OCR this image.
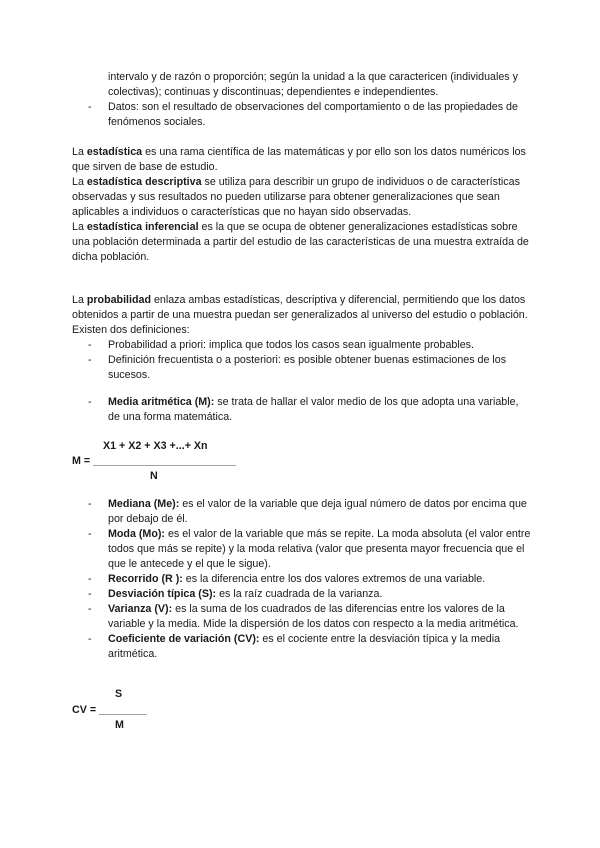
intervalo y de razón o proporción; según la unidad a la que caractericen (individuales y colectivas); continuas y discontinuas; dependientes e independientes.
- Datos: son el resultado de observaciones del comportamiento o de las propiedades de fenómenos sociales.

La estadística es una rama científica de las matemáticas y por ello son los datos numéricos los que sirven de base de estudio.

La estadística descriptiva se utiliza para describir un grupo de individuos o de características observadas y sus resultados no pueden utilizarse para obtener generalizaciones que sean aplicables a individuos o características que no hayan sido observadas.

La estadística inferencial es la que se ocupa de obtener generalizaciones estadísticas sobre una población determinada a partir del estudio de las características de una muestra extraída de dicha población.

La probabilidad enlaza ambas estadísticas, descriptiva y diferencial, permitiendo que los datos obtenidos a partir de una muestra puedan ser generalizados al universo del estudio o población. Existen dos definiciones:

- Probabilidad a priori: implica que todos los casos sean igualmente probables.
- Definición frecuentista o a posteriori: es posible obtener buenas estimaciones de los sucesos.
- Media aritmética (M): se trata de hallar el valor medio de los que adopta una variable, de una forma matemática.
X1 + X2 + X3 +...+ Xn
M = ________________________
N
- Mediana (Me): es el valor de la variable que deja igual número de datos por encima que por debajo de él.
- Moda (Mo): es el valor de la variable que más se repite. La moda absoluta (el valor entre todos que más se repite) y la moda relativa (valor que presenta mayor frecuencia que el que le antecede y el que le sigue).
- Recorrido (R ): es la diferencia entre los dos valores extremos de una variable.
- Desviación típica (S): es la raíz cuadrada de la varianza.
- Varianza (V): es la suma de los cuadrados de las diferencias entre los valores de la variable y la media. Mide la dispersión de los datos con respecto a la media aritmética.
- Coeficiente de variación (CV): es el cociente entre la desviación típica y la media aritmética.
S
CV = ________
M
